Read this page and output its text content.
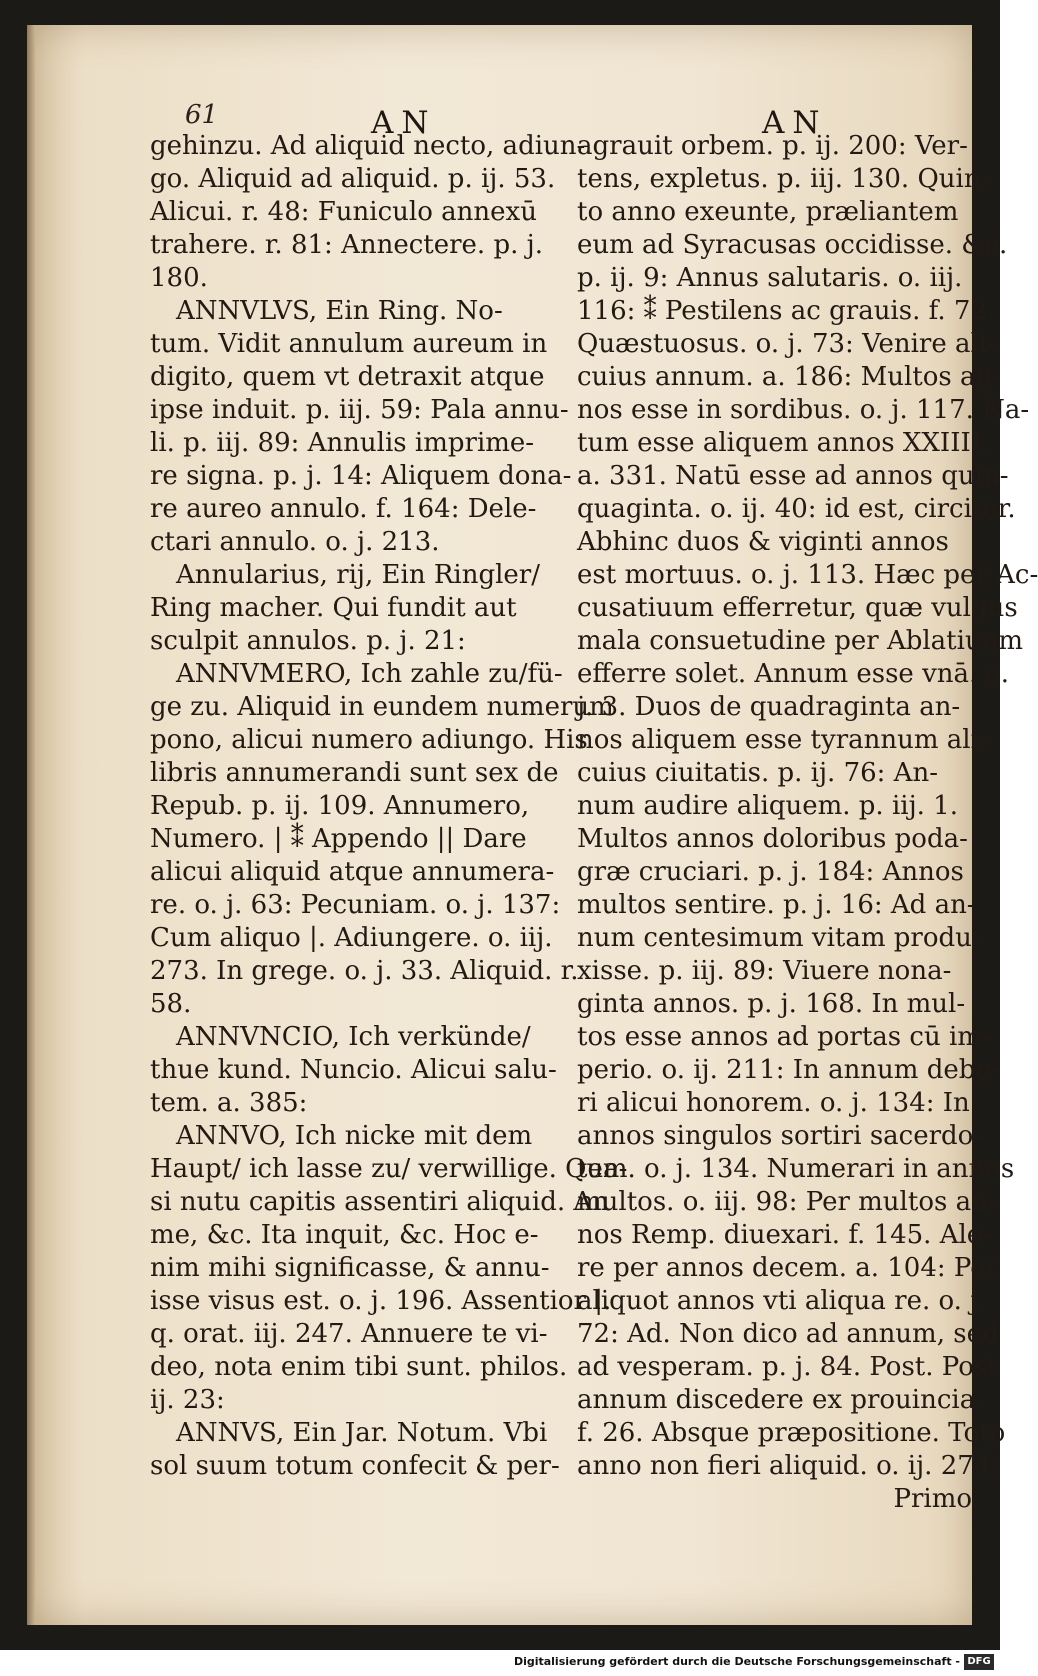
61	AN	AN
gehinzu. Ad aliquid necto, adiun-
go. Aliquid ad aliquid. p. ij. 53.
Alicui. r. 48: Funiculo annexū
trahere. r. 81: Annectere. p. j.
180.
ANNVLVS, Ein Ring. No-
tum. Vidit annulum aureum in
digito, quem vt detraxit atque
ipse induit. p. iij. 59: Pala annu-
li. p. iij. 89: Annulis imprime-
re signa. p. j. 14: Aliquem dona-
re aureo annulo. f. 164: Dele-
ctari annulo. o. j. 213.
Annularius, rij, Ein Ringler/
Ring macher. Qui fundit aut
sculpit annulos. p. j. 21:
ANNVMERO, Ich zahle zu/fü-
ge zu. Aliquid in eundem numerum
pono, alicui numero adiungo. His
libris annumerandi sunt sex de
Repub. p. ij. 109. Annumero,
Numero. | ⁑ Appendo || Dare
alicui aliquid atque annumera-
re. o. j. 63: Pecuniam. o. j. 137:
Cum aliquo |. Adiungere. o. iij.
273. In grege. o. j. 33. Aliquid. r.
58.
ANNVNCIO, Ich verkünde/
thue kund. Nuncio. Alicui salu-
tem. a. 385:
ANNVO, Ich nicke mit dem
Haupt/ ich lasse zu/ verwillige. Qua-
si nutu capitis assentiri aliquid. An
me, &c. Ita inquit, &c. Hoc e-
nim mihi significasse, & annu-
isse visus est. o. j. 196. Assentior |.
q. orat. iij. 247. Annuere te vi-
deo, nota enim tibi sunt. philos.
ij. 23:
ANNVS, Ein Jar. Notum. Vbi
sol suum totum confecit & per-
agrauit orbem. p. ij. 200: Ver-
tens, expletus. p. iij. 130. Quin-
to anno exeunte, præliantem
eum ad Syracusas occidisse. &c.
p. ij. 9: Annus salutaris. o. iij.
116: ⁑ Pestilens ac grauis. f. 72.
Quæstuosus. o. j. 73: Venire ali-
cuius annum. a. 186: Multos an-
nos esse in sordibus. o. j. 117. Na-
tum esse aliquem annos XXIIII.
a. 331. Natū esse ad annos quin-
quaginta. o. ij. 40: id est, circiter.
Abhinc duos & viginti annos
est mortuus. o. j. 113. Hæc per Ac-
cusatiuum efferretur, quæ vulgus
mala consuetudine per Ablatiuum
efferre solet. Annum esse vnā. o.
j. 3. Duos de quadraginta an-
nos aliquem esse tyrannum ali-
cuius ciuitatis. p. ij. 76: An-
num audire aliquem. p. iij. 1.
Multos annos doloribus poda-
græ cruciari. p. j. 184: Annos
multos sentire. p. j. 16: Ad an-
num centesimum vitam produ-
xisse. p. iij. 89: Viuere nona-
ginta annos. p. j. 168. In mul-
tos esse annos ad portas cū im-
perio. o. ij. 211: In annum debe-
ri alicui honorem. o. j. 134: In
annos singulos sortiri sacerdo-
tem. o. j. 134. Numerari in annos
multos. o. iij. 98: Per multos an-
nos Remp. diuexari. f. 145. Ale-
re per annos decem. a. 104: Per
aliquot annos vti aliqua re. o. j.
72: Ad. Non dico ad annum, sed
ad vesperam. p. j. 84. Post. Post
annum discedere ex prouincia.
f. 26. Absque præpositione. Toto
anno non fieri aliquid. o. ij. 274:
Primo
Digitalisierung gefördert durch die Deutsche Forschungsgemeinschaft - DFG
